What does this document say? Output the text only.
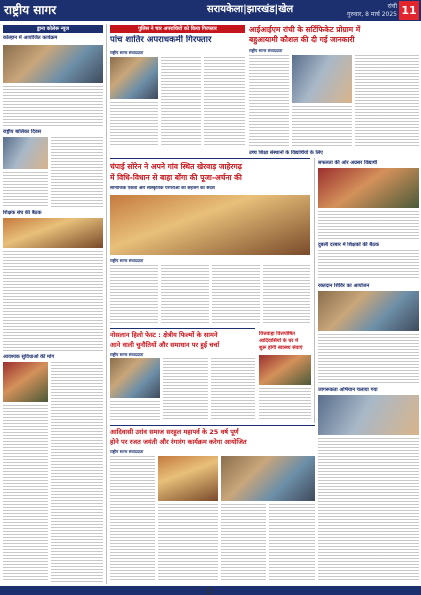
राष्ट्रीय सागर	सरायकेला|झारखंड|खेल	रांची
गुरुवार, 8 मार्च 2025 11
ड्डाना कोलेरू न्यूज
कोल्हान में आयोजित कार्यक्रम
राष्ट्रीय बालिका दिवस
शिक्षक संघ की बैठक
आवश्यक सुविधाओं की मांग
पुलिस ने चार अपराधियों को किया गिरफ्तार
पांच शातिर अपराधकर्मी गिरफ्तार
राष्ट्रीय सागर संवाददाता
आईआईएम रांची के सर्टिफिकेट प्रोग्राम में
बहुआयामी कौशल की दी गई जानकारी
राष्ट्रीय सागर संवाददाता
उच्च शिक्षा संस्थानों के विद्यार्थियों के लिए
चंपाई सोरेन ने अपने गांव स्थित खेरवाड़ जाहेरगढ़
में विधि-विधान से बाहा बोंगा की पूजा-अर्चना की
सामाजिक एकता और सांस्कृतिक परंपराओं को सहेजने का संदेश
राष्ट्रीय सागर संवाददाता
सफलता की ओर अग्रसर विद्यार्थी
दुबली दरबार में शिक्षकों की बैठक
रक्तदान शिविर का आयोजन
जागरूकता अभियान चलाया गया
नोसलान हिलो फेस्ट : क्षेत्रीय फिल्मों के सामने
आने वाली चुनौतियों और समाधान पर हुई चर्चा
राष्ट्रीय सागर संवाददाता
वित्तवाहा वित्तपोषित
आदिवासियों के घर में
शुरू होगी स्वास्थ्य सेवाएं
आदिवासी उरांव समाज सरहुल महापर्व के 25 वर्ष पूर्ण
होने पर रजत जयंती और रंगारंग कार्यक्रम करेगा आयोजित
राष्ट्रीय सागर संवाददाता
